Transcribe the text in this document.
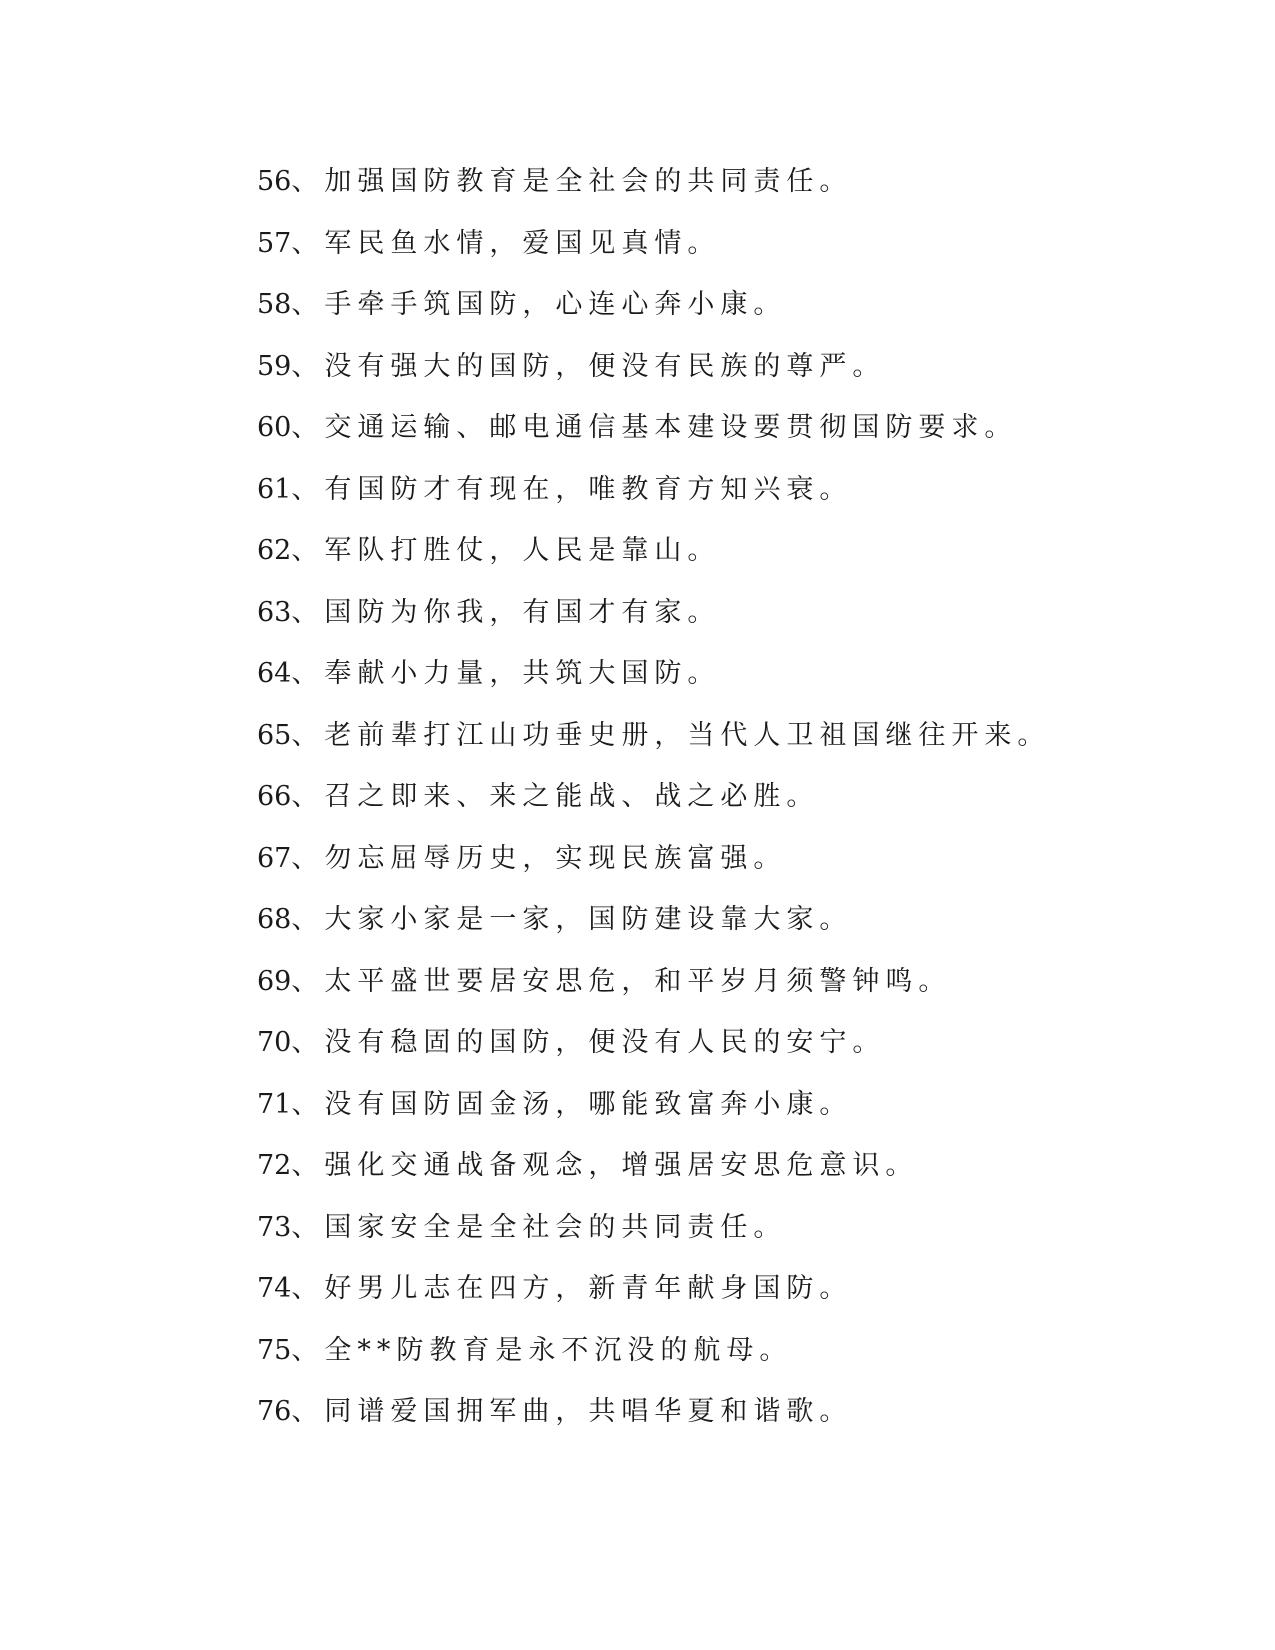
56、加强国防教育是全社会的共同责任。
57、军民鱼水情，爱国见真情。
58、手牵手筑国防，心连心奔小康。
59、没有强大的国防，便没有民族的尊严。
60、交通运输、邮电通信基本建设要贯彻国防要求。
61、有国防才有现在，唯教育方知兴衰。
62、军队打胜仗，人民是靠山。
63、国防为你我，有国才有家。
64、奉献小力量，共筑大国防。
65、老前辈打江山功垂史册，当代人卫祖国继往开来。
66、召之即来、来之能战、战之必胜。
67、勿忘屈辱历史，实现民族富强。
68、大家小家是一家，国防建设靠大家。
69、太平盛世要居安思危，和平岁月须警钟鸣。
70、没有稳固的国防，便没有人民的安宁。
71、没有国防固金汤，哪能致富奔小康。
72、强化交通战备观念，增强居安思危意识。
73、国家安全是全社会的共同责任。
74、好男儿志在四方，新青年献身国防。
75、全**防教育是永不沉没的航母。
76、同谱爱国拥军曲，共唱华夏和谐歌。
